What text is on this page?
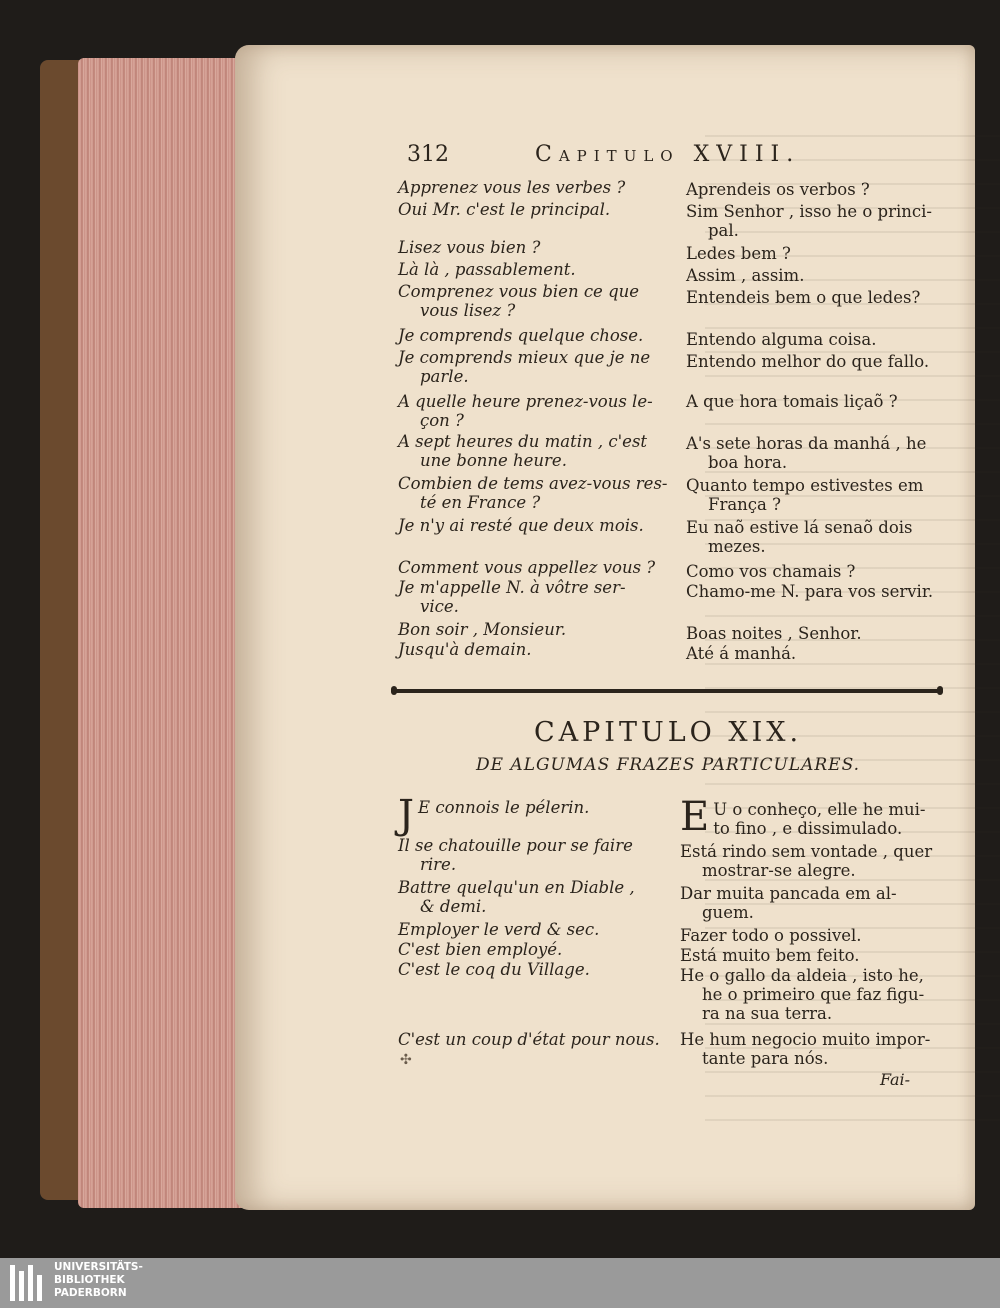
312	Capitulo XVIII.
Apprenez vous les verbes ?
Oui Mr. c'est le principal.
Lisez vous bien ?
Là là , passablement.
Comprenez vous bien ce que
vous lisez ?
Je comprends quelque chose.
Je comprends mieux que je ne
parle.
A quelle heure prenez-vous le-
çon ?
A sept heures du matin , c'est
une bonne heure.
Combien de tems avez-vous res-
té en France ?
Je n'y ai resté que deux mois.
Comment vous appellez vous ?
Je m'appelle N. à vôtre ser-
vice.
Bon soir , Monsieur.
Jusqu'à demain.
Aprendeis os verbos ?
Sim Senhor , isso he o princi-
pal.
Ledes bem ?
Assim , assim.
Entendeis bem o que ledes?
Entendo alguma coisa.
Entendo melhor do que fallo.
A que hora tomais liçaõ ?
A's sete horas da manhá , he
boa hora.
Quanto tempo estivestes em
França ?
Eu naõ estive lá senaõ dois
mezes.
Como vos chamais ?
Chamo-me N. para vos servir.
Boas noites , Senhor.
Até á manhá.
CAPITULO XIX.
DE ALGUMAS FRAZES PARTICULARES.
J E connois le pélerin.
Il se chatouille pour se faire
rire.
Battre quelqu'un en Diable ,
& demi.
Employer le verd & sec.
C'est bien employé.
C'est le coq du Village.
C'est un coup d'état pour nous.
E U o conheço, elle he mui-
to fino , e dissimulado.
Está rindo sem vontade , quer
mostrar-se alegre.
Dar muita pancada em al-
guem.
Fazer todo o possivel.
Está muito bem feito.
He o gallo da aldeia , isto he,
he o primeiro que faz figu-
ra na sua terra.
He hum negocio muito impor-
tante para nós.
✣
Fai-
UNIVERSITÄTS-
BIBLIOTHEK
PADERBORN
